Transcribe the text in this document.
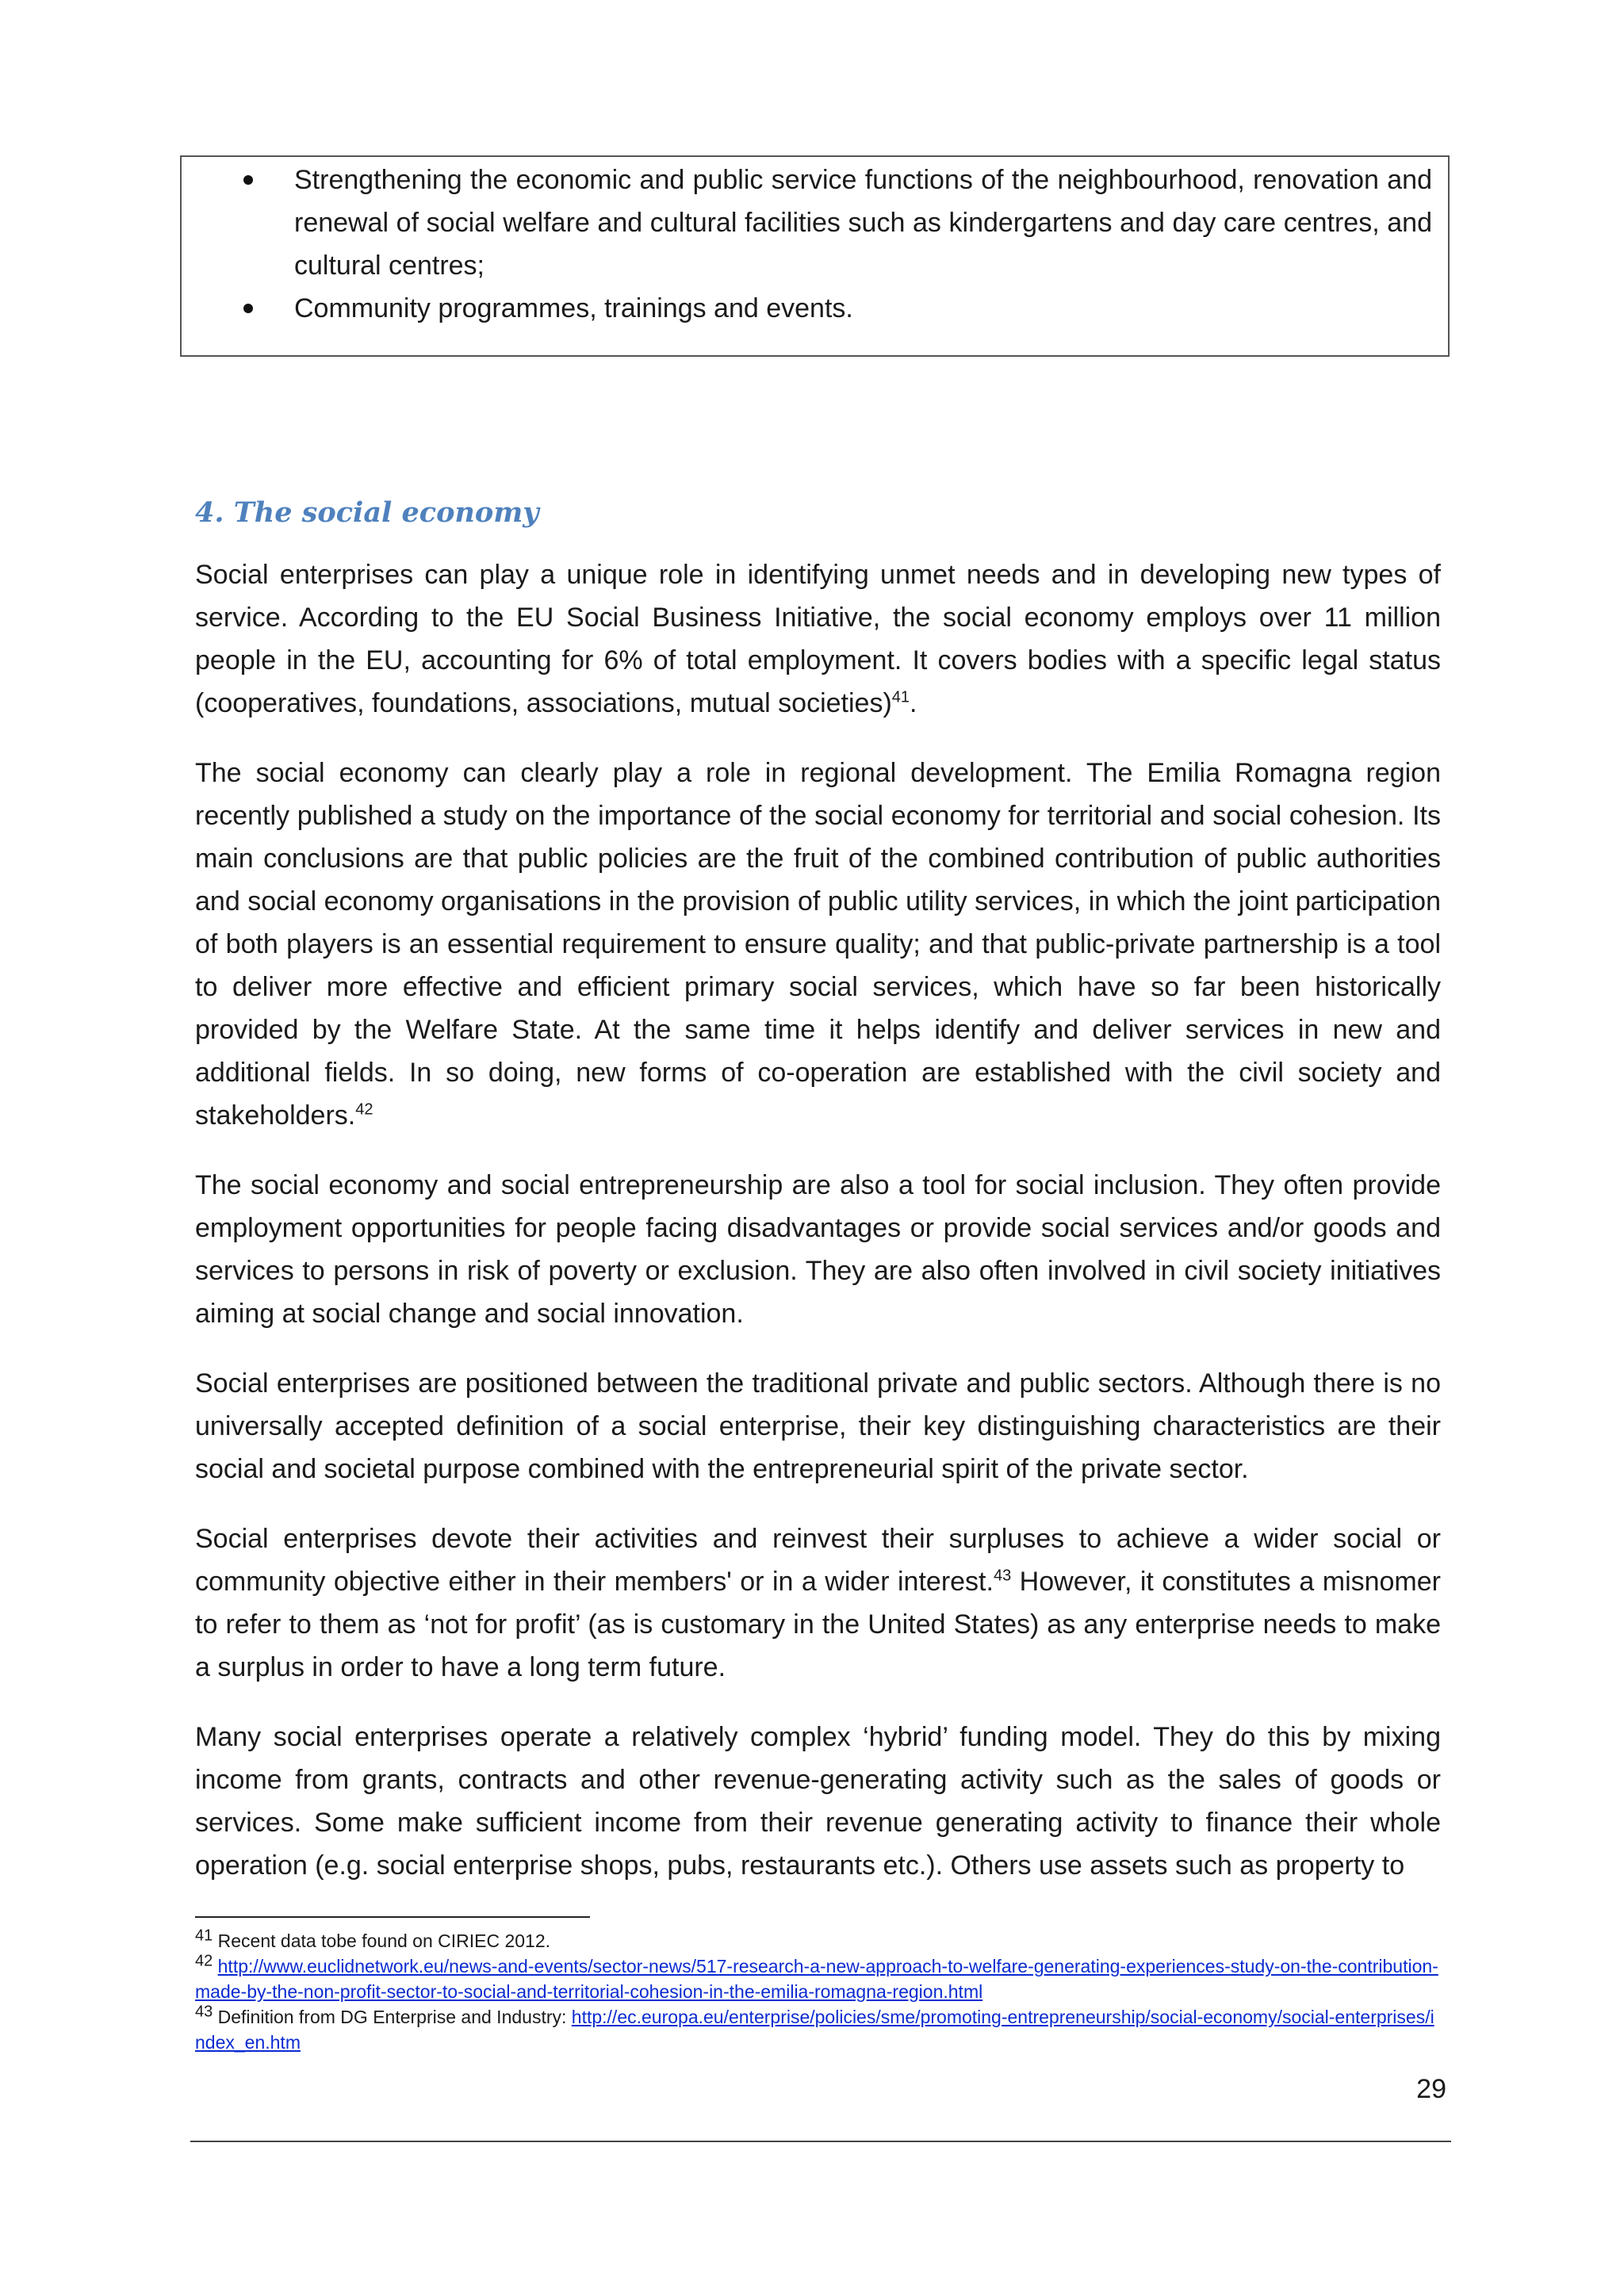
Strengthening the economic and public service functions of the neighbourhood, renovation and renewal of social welfare and cultural facilities such as kindergartens and day care centres, and cultural centres;
Community programmes, trainings and events.
4. The social economy

Social enterprises can play a unique role in identifying unmet needs and in developing new types of service. According to the EU Social Business Initiative, the social economy employs over 11 million people in the EU, accounting for 6% of total employment. It covers bodies with a specific legal status (cooperatives, foundations, associations, mutual societies)$^{41}$.

The social economy can clearly play a role in regional development. The Emilia Romagna region recently published a study on the importance of the social economy for territorial and social cohesion. Its main conclusions are that public policies are the fruit of the combined contribution of public authorities and social economy organisations in the provision of public utility services, in which the joint participation of both players is an essential requirement to ensure quality; and that public-private partnership is a tool to deliver more effective and efficient primary social services, which have so far been historically provided by the Welfare State. At the same time it helps identify and deliver services in new and additional fields. In so doing, new forms of co-operation are established with the civil society and stakeholders.$^{42}$

The social economy and social entrepreneurship are also a tool for social inclusion. They often provide employment opportunities for people facing disadvantages or provide social services and/or goods and services to persons in risk of poverty or exclusion. They are also often involved in civil society initiatives aiming at social change and social innovation.

Social enterprises are positioned between the traditional private and public sectors. Although there is no universally accepted definition of a social enterprise, their key distinguishing characteristics are their social and societal purpose combined with the entrepreneurial spirit of the private sector.

Social enterprises devote their activities and reinvest their surpluses to achieve a wider social or community objective either in their members' or in a wider interest.$^{43}$ However, it constitutes a misnomer to refer to them as ‘not for profit’ (as is customary in the United States) as any enterprise needs to make a surplus in order to have a long term future.

Many social enterprises operate a relatively complex ‘hybrid’ funding model. They do this by mixing income from grants, contracts and other revenue-generating activity such as the sales of goods or services. Some make sufficient income from their revenue generating activity to finance their whole operation (e.g. social enterprise shops, pubs, restaurants etc.). Others use assets such as property to

$^{41}$ Recent data tobe found on CIRIEC 2012.

$^{42}$ http://www.euclidnetwork.eu/news-and-events/sector-news/517-research-a-new-approach-to-welfare-generating-experiences-study-on-the-contribution-made-by-the-non-profit-sector-to-social-and-territorial-cohesion-in-the-emilia-romagna-region.html

$^{43}$ Definition from DG Enterprise and Industry: http://ec.europa.eu/enterprise/policies/sme/promoting-entrepreneurship/social-economy/social-enterprises/index_en.htm

29
